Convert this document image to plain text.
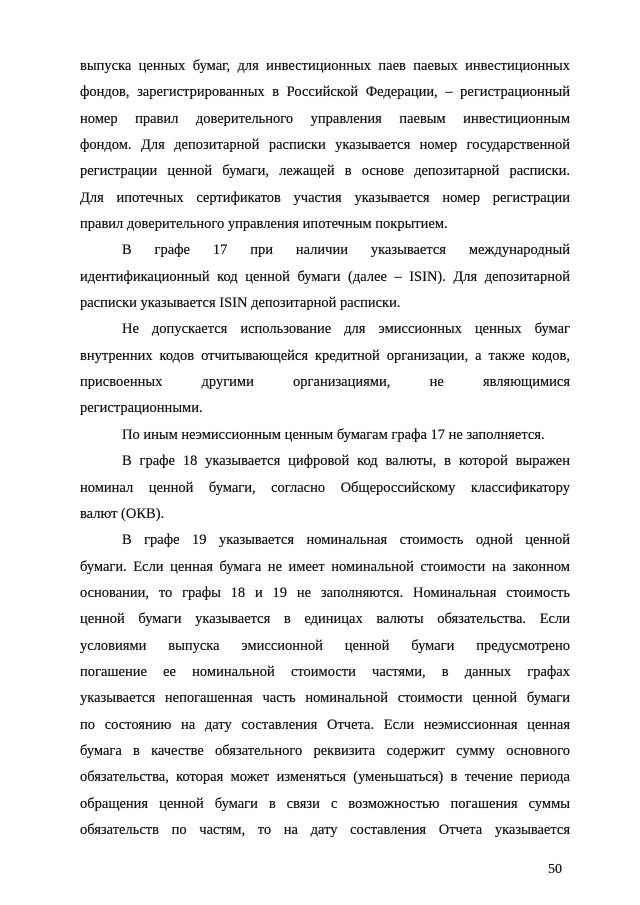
выпуска ценных бумаг, для инвестиционных паев паевых инвестиционных
фондов, зарегистрированных в Российской Федерации, – регистрационный
номер правил доверительного управления паевым инвестиционным
фондом. Для депозитарной расписки указывается номер государственной
регистрации ценной бумаги, лежащей в основе депозитарной расписки.
Для ипотечных сертификатов участия указывается номер регистрации
правил доверительного управления ипотечным покрытием.
В графе 17 при наличии указывается международный
идентификационный код ценной бумаги (далее – ISIN). Для депозитарной
расписки указывается ISIN депозитарной расписки.
Не допускается использование для эмиссионных ценных бумаг
внутренних кодов отчитывающейся кредитной организации, а также кодов,
присвоенных другими организациями, не являющимися
регистрационными.
По иным неэмиссионным ценным бумагам графа 17 не заполняется.
В графе 18 указывается цифровой код валюты, в которой выражен
номинал ценной бумаги, согласно Общероссийскому классификатору
валют (ОКВ).
В графе 19 указывается номинальная стоимость одной ценной
бумаги. Если ценная бумага не имеет номинальной стоимости на законном
основании, то графы 18 и 19 не заполняются. Номинальная стоимость
ценной бумаги указывается в единицах валюты обязательства. Если
условиями выпуска эмиссионной ценной бумаги предусмотрено
погашение ее номинальной стоимости частями, в данных графах
указывается непогашенная часть номинальной стоимости ценной бумаги
по состоянию на дату составления Отчета. Если неэмиссионная ценная
бумага в качестве обязательного реквизита содержит сумму основного
обязательства, которая может изменяться (уменьшаться) в течение периода
обращения ценной бумаги в связи с возможностью погашения суммы
обязательств по частям, то на дату составления Отчета указывается
50
